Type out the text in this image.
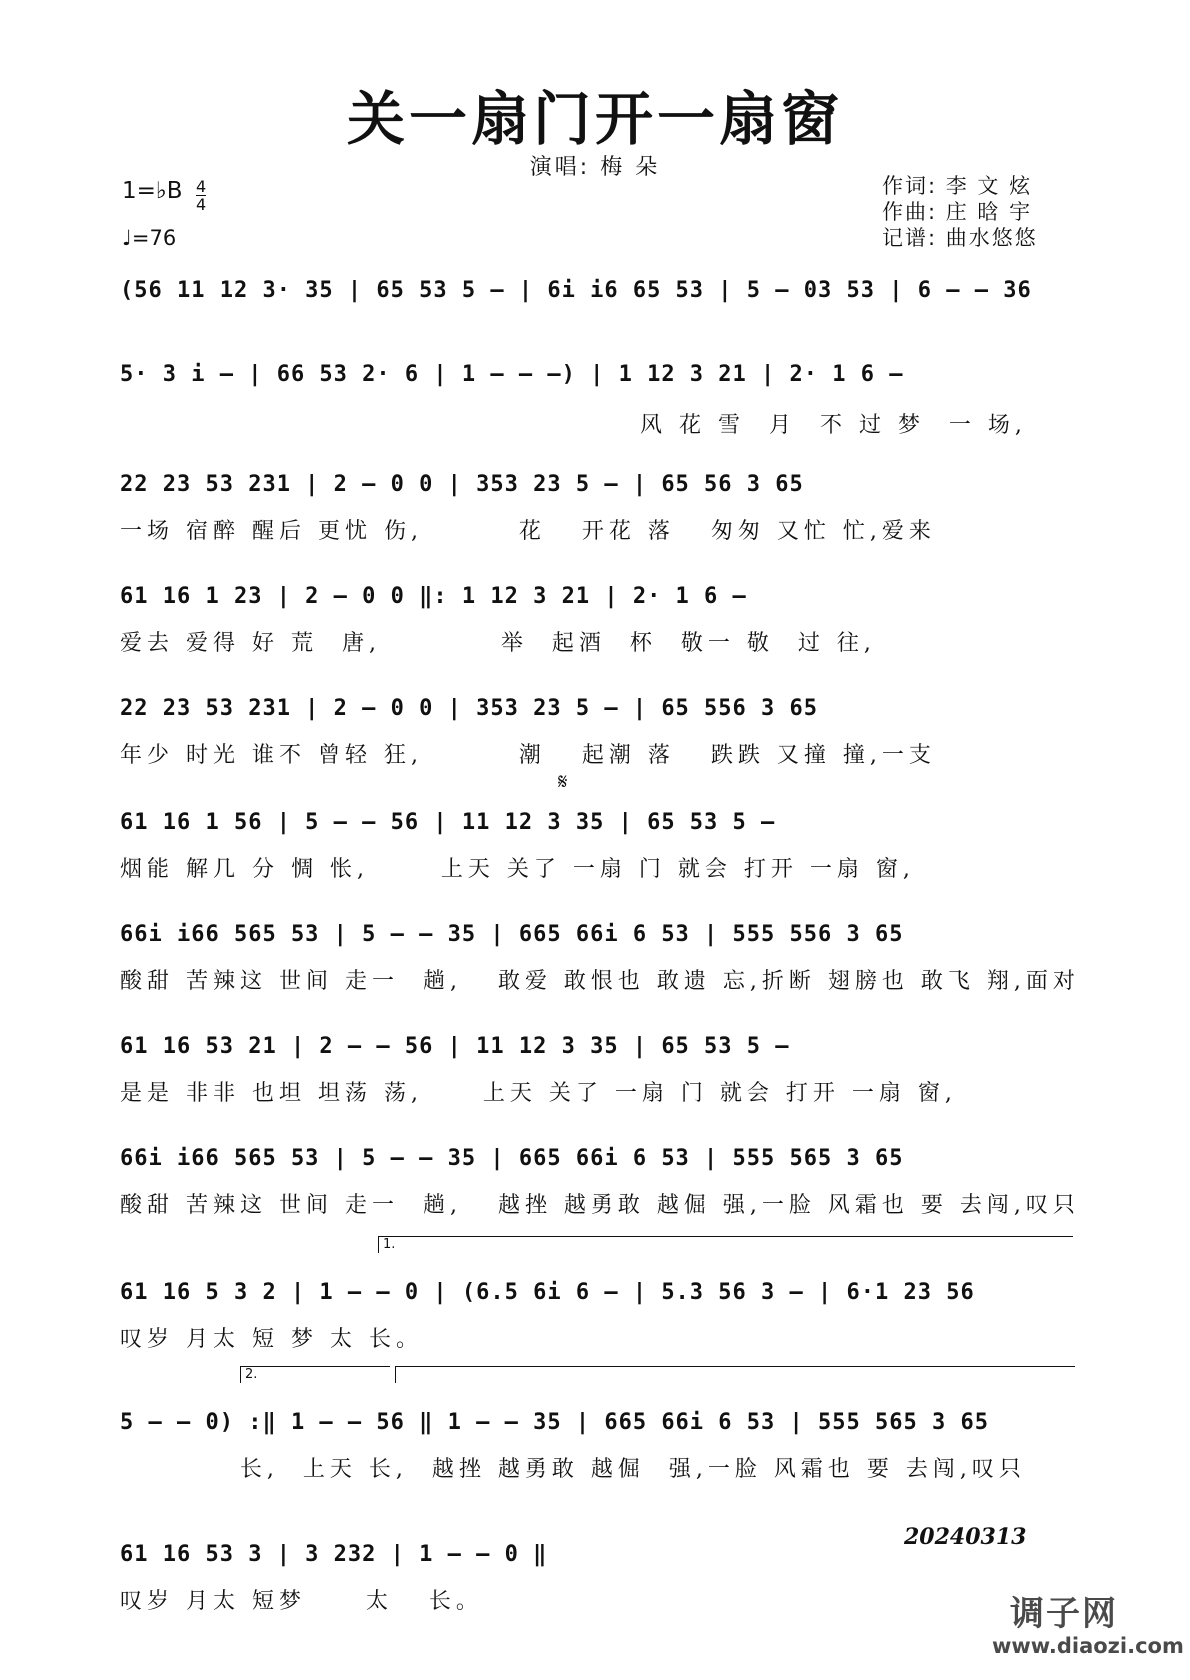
关一扇门开一扇窗
演唱: 梅 朵
作词: 李 文 炫
作曲: 庄 晗 宇
记谱: 曲水悠悠
1=♭B 4
4
♩=76
(56 11 12 3· 35 | 65 53 5 – | 6i i6 65 53 | 5 – 03 53 | 6 – – 36
5· 3 i – | 66 53 2· 6 | 1 – – –) | 1 12 3 21 | 2· 1 6 –
风 花 雪  月  不 过 梦  一 场,
22 23 53 231 | 2 – 0 0 | 353 23 5 – | 65 56 3 65
一场 宿醉 醒后 更忧 伤,        花   开花 落   匆匆 又忙 忙,爱来
61 16 1 23 | 2 – 0 0 ‖: 1 12 3 21 | 2· 1 6 –
爱去 爱得 好 荒  唐,          举  起酒  杯  敬一 敬  过 往,
22 23 53 231 | 2 – 0 0 | 353 23 5 – | 65 556 3 65
年少 时光 谁不 曾轻 狂,        潮   起潮 落   跌跌 又撞 撞,一支
𝄋
61 16 1 56 | 5 – – 56 | 11 12 3 35 | 65 53 5 –
烟能 解几 分 惆 怅,      上天 关了 一扇 门 就会 打开 一扇 窗,
66i i66 565 53 | 5 – – 35 | 665 66i 6 53 | 555 556 3 65
酸甜 苦辣这 世间 走一  趟,   敢爱 敢恨也 敢遗 忘,折断 翅膀也 敢飞 翔,面对
61 16 53 21 | 2 – – 56 | 11 12 3 35 | 65 53 5 –
是是 非非 也坦 坦荡 荡,     上天 关了 一扇 门 就会 打开 一扇 窗,
66i i66 565 53 | 5 – – 35 | 665 66i 6 53 | 555 565 3 65
酸甜 苦辣这 世间 走一  趟,   越挫 越勇敢 越倔 强,一脸 风霜也 要 去闯,叹只
1.
61 16 5 3 2 | 1 – – 0 | (6.5 6i 6 – | 5.3 56 3 – | 6·1 23 56
叹岁 月太 短 梦 太 长。
2.
5 – – 0) :‖ 1 – – 56 ‖ 1 – – 35 | 665 66i 6 53 | 555 565 3 65
长,  上天 长,  越挫 越勇敢 越倔  强,一脸 风霜也 要 去闯,叹只
61 16 53 3 | 3 232 | 1 – – 0 ‖
叹岁 月太 短梦     太   长。
20240313
调子网
www.diaozi.com
